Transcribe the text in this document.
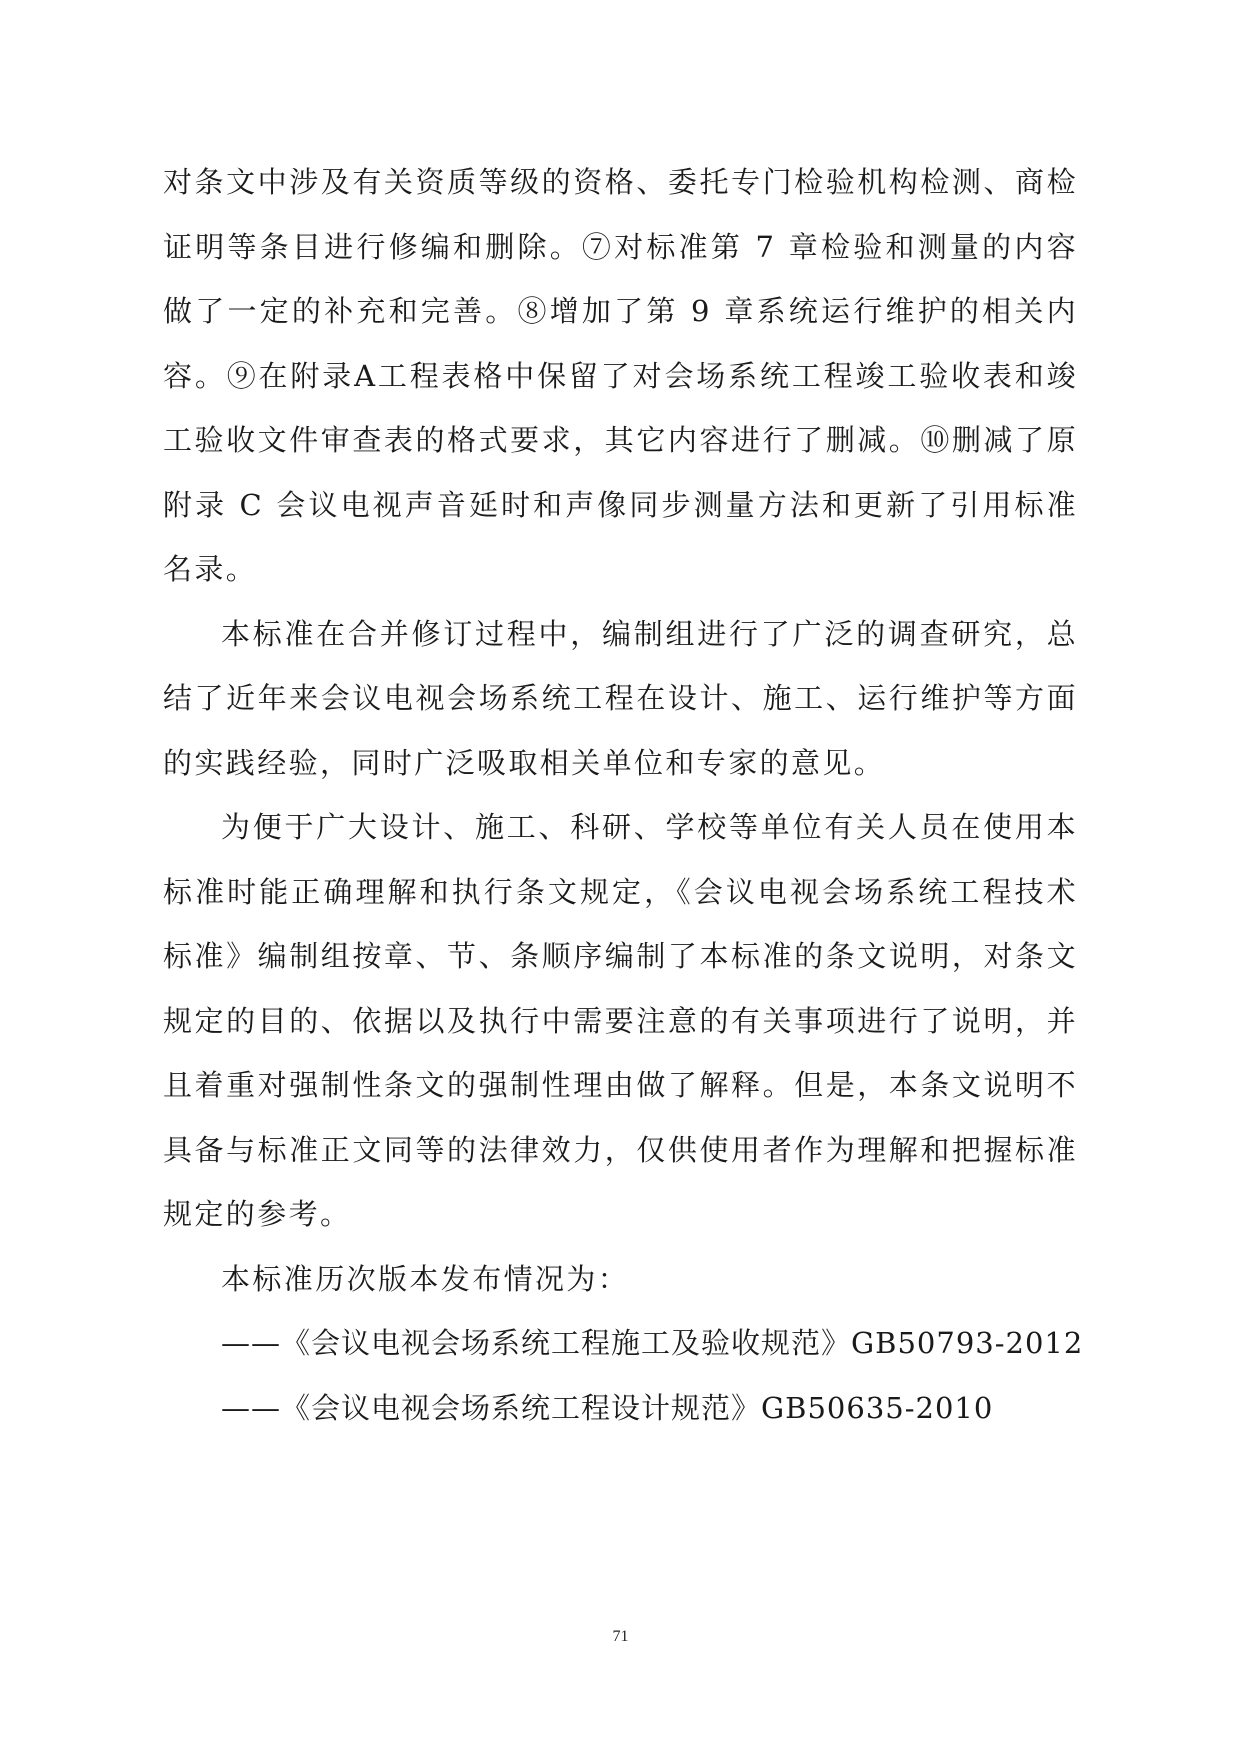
对条文中涉及有关资质等级的资格、委托专门检验机构检测、商检证明等条目进行修编和删除。⑦对标准第 7 章检验和测量的内容做了一定的补充和完善。⑧增加了第 9 章系统运行维护的相关内容。⑨在附录A工程表格中保留了对会场系统工程竣工验收表和竣工验收文件审查表的格式要求，其它内容进行了删减。⑩删减了原附录 C 会议电视声音延时和声像同步测量方法和更新了引用标准名录。

本标准在合并修订过程中，编制组进行了广泛的调查研究，总结了近年来会议电视会场系统工程在设计、施工、运行维护等方面的实践经验，同时广泛吸取相关单位和专家的意见。

为便于广大设计、施工、科研、学校等单位有关人员在使用本标准时能正确理解和执行条文规定，《会议电视会场系统工程技术标准》编制组按章、节、条顺序编制了本标准的条文说明，对条文规定的目的、依据以及执行中需要注意的有关事项进行了说明，并且着重对强制性条文的强制性理由做了解释。但是，本条文说明不具备与标准正文同等的法律效力，仅供使用者作为理解和把握标准规定的参考。

本标准历次版本发布情况为：

——《会议电视会场系统工程施工及验收规范》GB50793-2012

——《会议电视会场系统工程设计规范》GB50635-2010

71
